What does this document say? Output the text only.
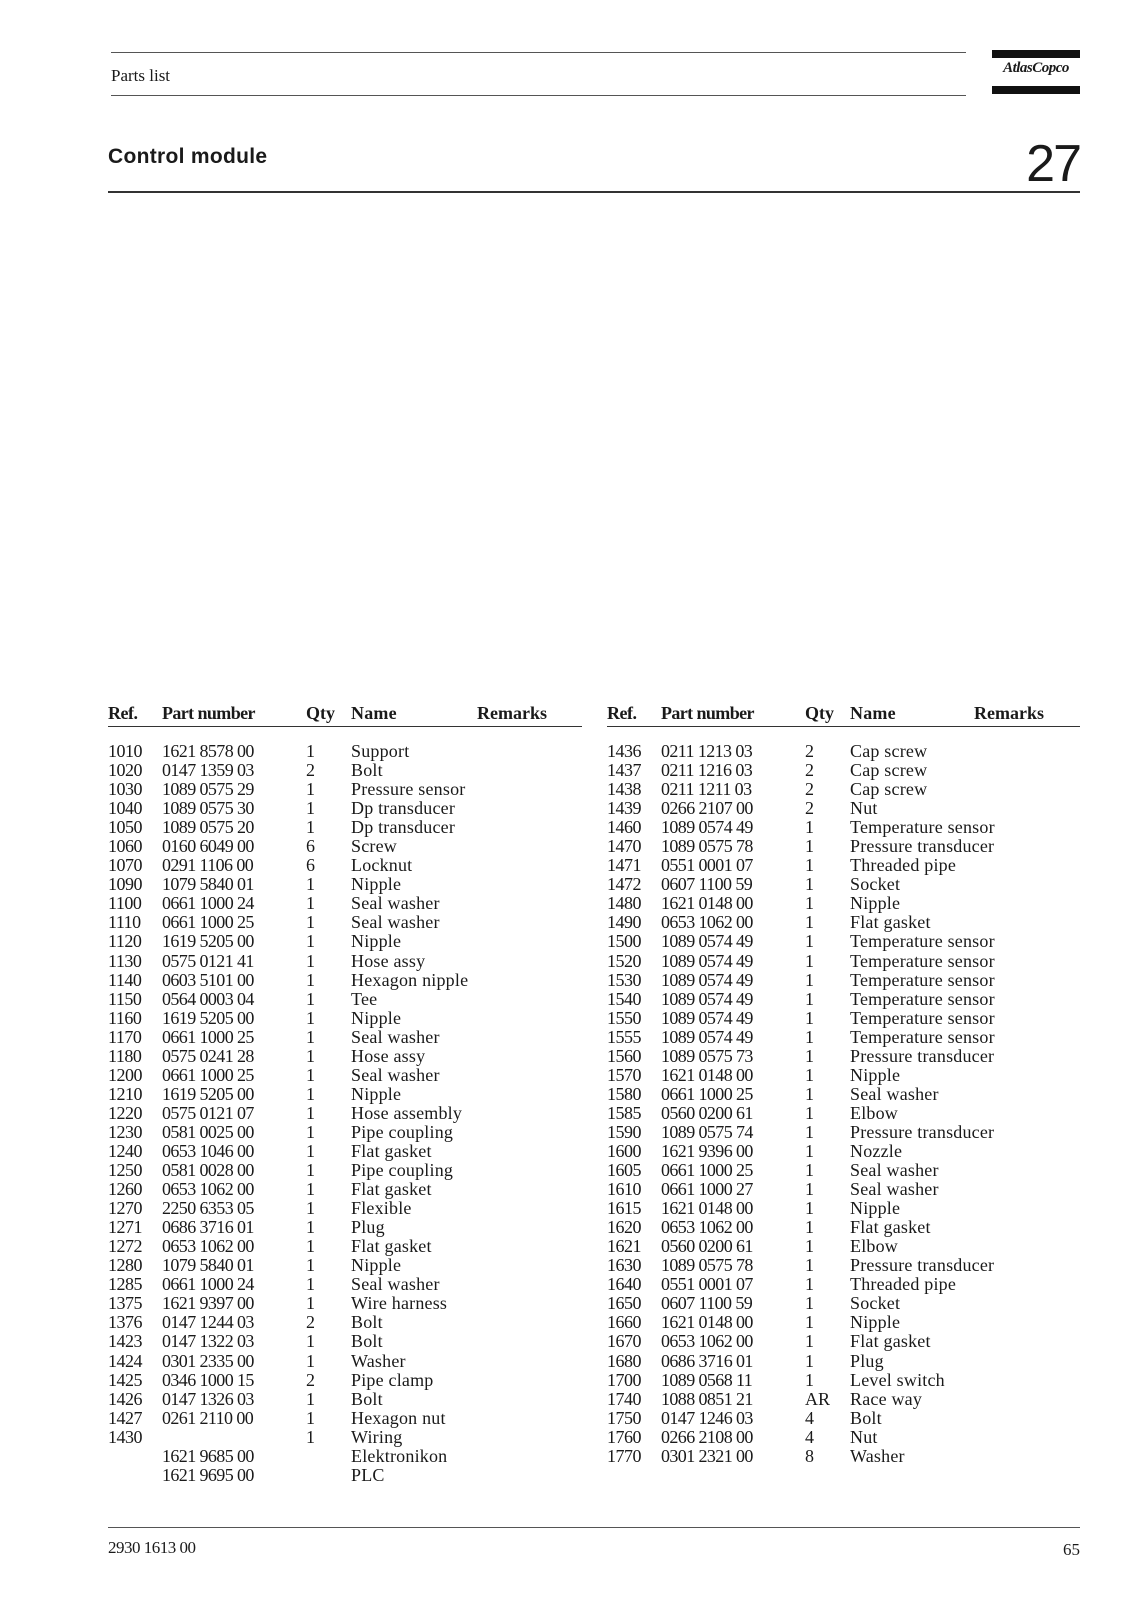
Parts list	AtlasCopco
Control module	27
Ref. Part number	Qty Name	Remarks
1010 1621 8578 00	1 Support
1020 0147 1359 03	2 Bolt
1030 1089 0575 29	1 Pressure sensor
1040 1089 0575 30	1 Dp transducer
1050 1089 0575 20	1 Dp transducer
1060 0160 6049 00	6 Screw
1070 0291 1106 00	6 Locknut
1090 1079 5840 01	1 Nipple
1100 0661 1000 24	1 Seal washer
1110 0661 1000 25	1 Seal washer
1120 1619 5205 00	1 Nipple
1130 0575 0121 41	1 Hose assy
1140 0603 5101 00	1 Hexagon nipple
1150 0564 0003 04	1 Tee
1160 1619 5205 00	1 Nipple
1170 0661 1000 25	1 Seal washer
1180 0575 0241 28	1 Hose assy
1200 0661 1000 25	1 Seal washer
1210 1619 5205 00	1 Nipple
1220 0575 0121 07	1 Hose assembly
1230 0581 0025 00	1 Pipe coupling
1240 0653 1046 00	1 Flat gasket
1250 0581 0028 00	1 Pipe coupling
1260 0653 1062 00	1 Flat gasket
1270 2250 6353 05	1 Flexible
1271 0686 3716 01	1 Plug
1272 0653 1062 00	1 Flat gasket
1280 1079 5840 01	1 Nipple
1285 0661 1000 24	1 Seal washer
1375 1621 9397 00	1 Wire harness
1376 0147 1244 03	2 Bolt
1423 0147 1322 03	1 Bolt
1424 0301 2335 00	1 Washer
1425 0346 1000 15	2 Pipe clamp
1426 0147 1326 03	1 Bolt
1427 0261 2110 00	1 Hexagon nut
1430	1 Wiring
1621 9685 00	Elektronikon
1621 9695 00	PLC
Ref. Part number	Qty Name	Remarks
1436 0211 1213 03	2 Cap screw
1437 0211 1216 03	2 Cap screw
1438 0211 1211 03	2 Cap screw
1439 0266 2107 00	2 Nut
1460 1089 0574 49	1 Temperature sensor
1470 1089 0575 78	1 Pressure transducer
1471 0551 0001 07	1 Threaded pipe
1472 0607 1100 59	1 Socket
1480 1621 0148 00	1 Nipple
1490 0653 1062 00	1 Flat gasket
1500 1089 0574 49	1 Temperature sensor
1520 1089 0574 49	1 Temperature sensor
1530 1089 0574 49	1 Temperature sensor
1540 1089 0574 49	1 Temperature sensor
1550 1089 0574 49	1 Temperature sensor
1555 1089 0574 49	1 Temperature sensor
1560 1089 0575 73	1 Pressure transducer
1570 1621 0148 00	1 Nipple
1580 0661 1000 25	1 Seal washer
1585 0560 0200 61	1 Elbow
1590 1089 0575 74	1 Pressure transducer
1600 1621 9396 00	1 Nozzle
1605 0661 1000 25	1 Seal washer
1610 0661 1000 27	1 Seal washer
1615 1621 0148 00	1 Nipple
1620 0653 1062 00	1 Flat gasket
1621 0560 0200 61	1 Elbow
1630 1089 0575 78	1 Pressure transducer
1640 0551 0001 07	1 Threaded pipe
1650 0607 1100 59	1 Socket
1660 1621 0148 00	1 Nipple
1670 0653 1062 00	1 Flat gasket
1680 0686 3716 01	1 Plug
1700 1089 0568 11	1 Level switch
1740 1088 0851 21	AR Race way
1750 0147 1246 03	4 Bolt
1760 0266 2108 00	4 Nut
1770 0301 2321 00	8 Washer
2930 1613 00	65
